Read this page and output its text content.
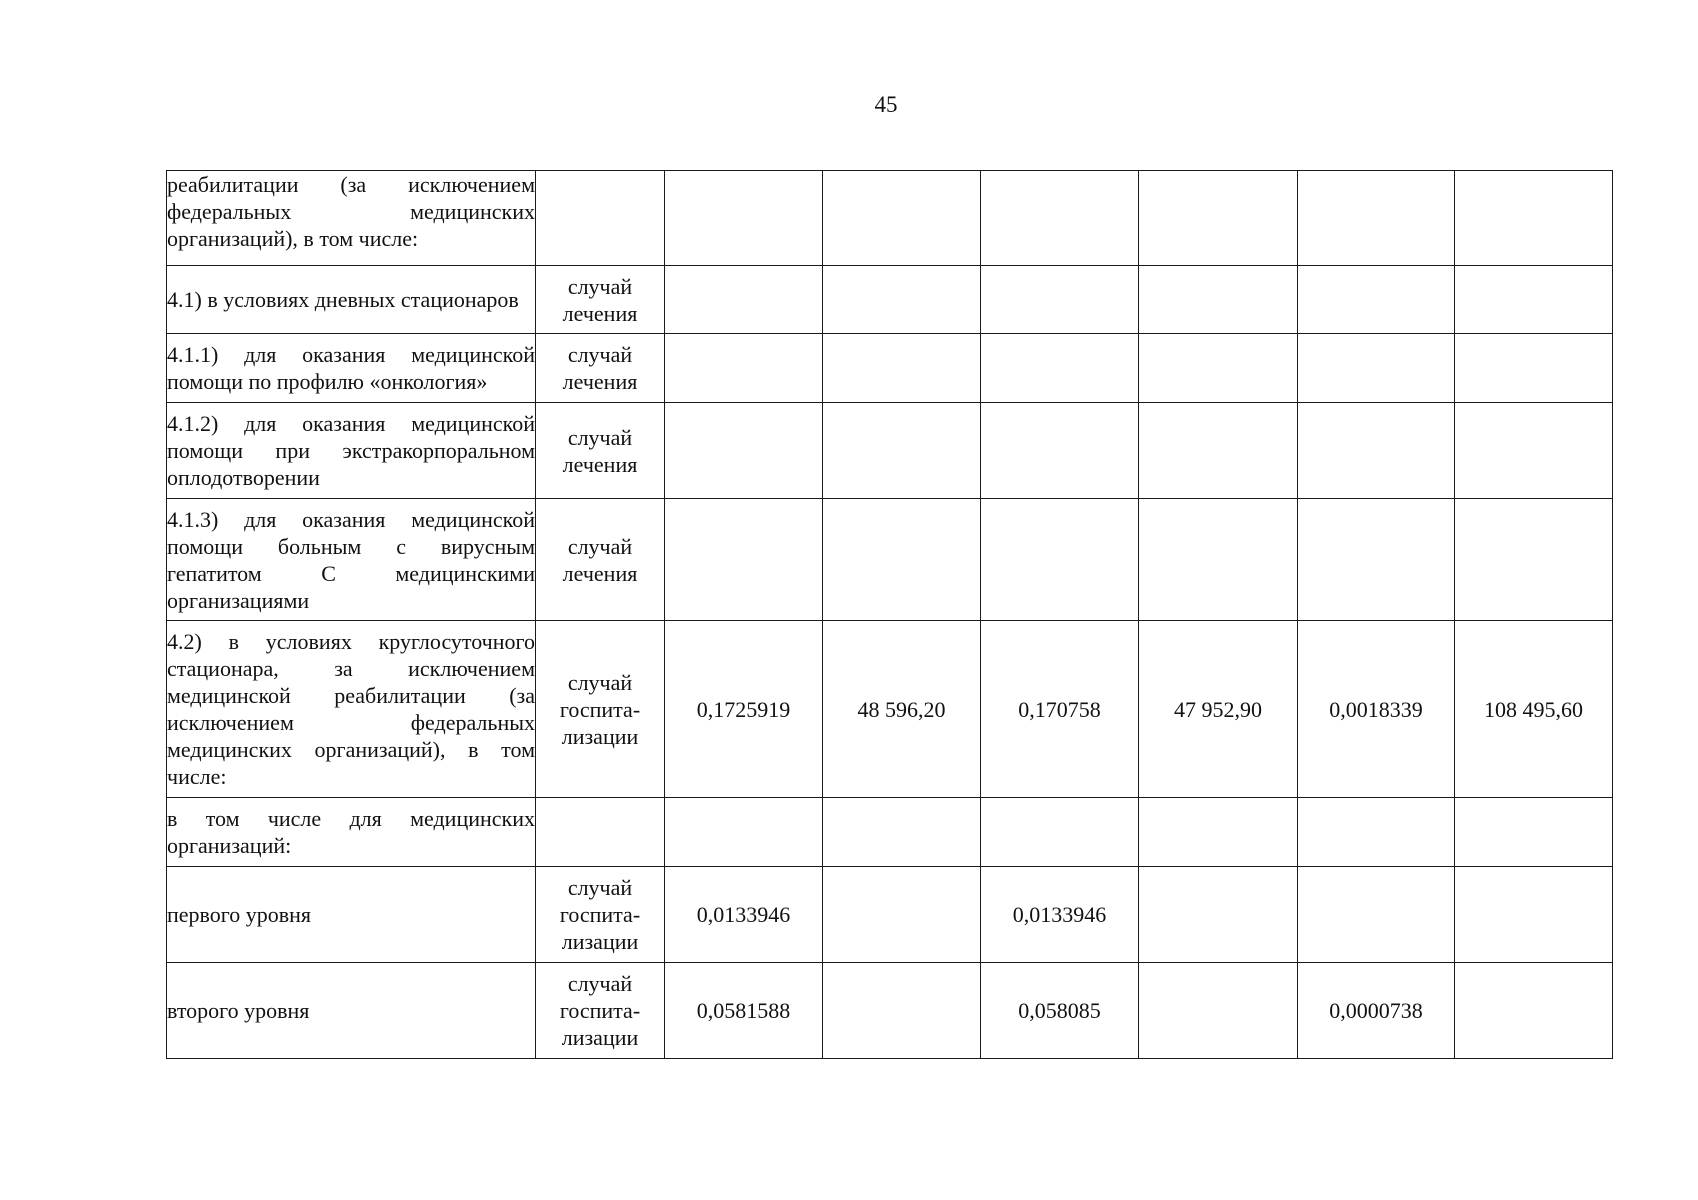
45
реабилитации (за исключением федеральных медицинских организаций), в том числе:							
4.1) в условиях дневных стационаров	случай лечения						
4.1.1) для оказания медицинской помощи по профилю «онкология»	случай лечения						
4.1.2) для оказания медицинской помощи при экстракорпоральном оплодотворении	случай лечения						
4.1.3) для оказания медицинской помощи больным с вирусным гепатитом С медицинскими организациями	случай лечения						
4.2) в условиях круглосуточного стационара, за исключением медицинской реабилитации (за исключением федеральных медицинских организаций), в том числе:	случай госпита-лизации	0,1725919	48 596,20	0,170758	47 952,90	0,0018339	108 495,60
в том числе для медицинских организаций:							
первого уровня	случай госпита-лизации	0,0133946		0,0133946			
второго уровня	случай госпита-лизации	0,0581588		0,058085		0,0000738	
